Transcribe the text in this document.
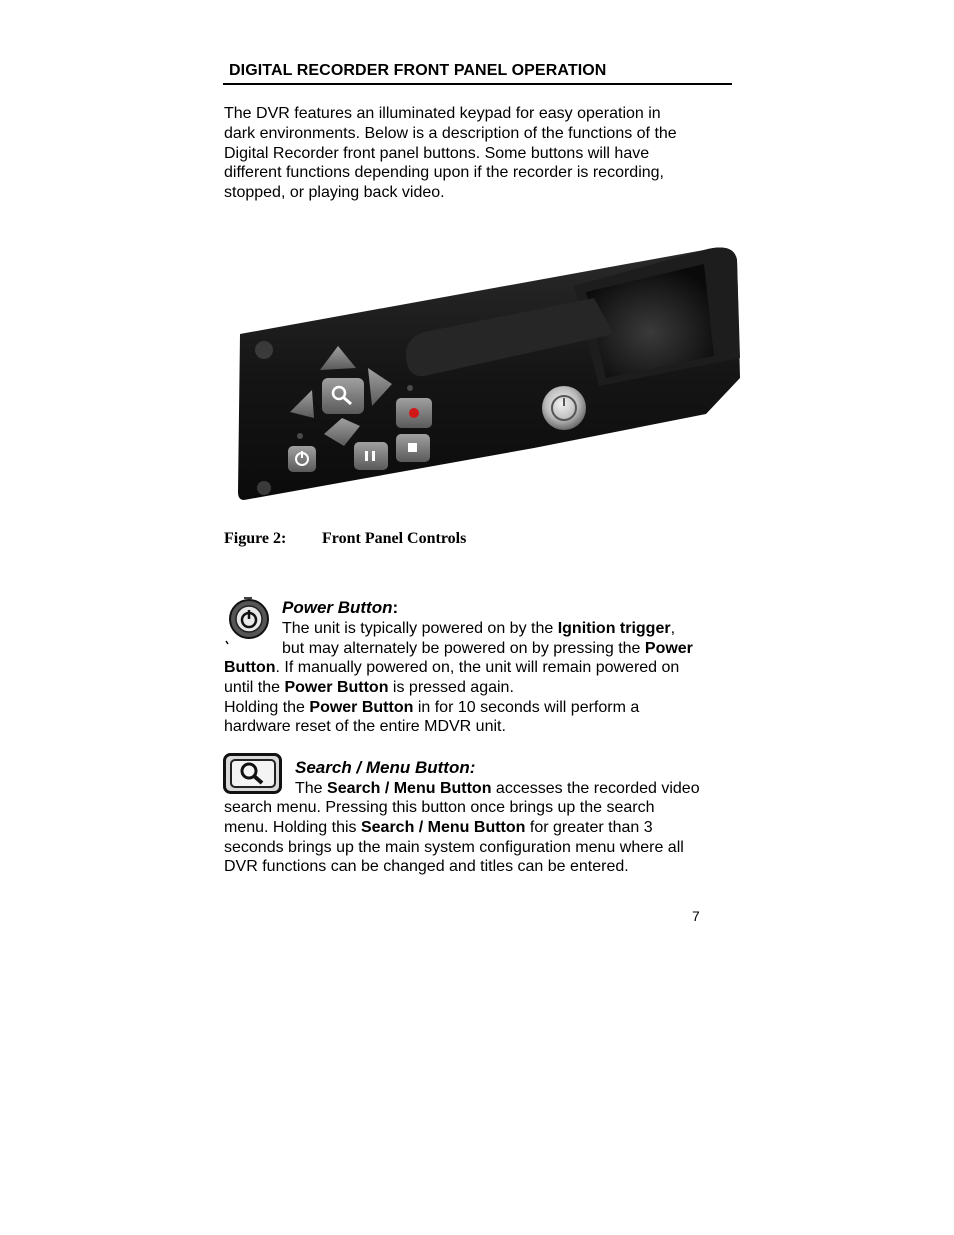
DIGITAL RECORDER FRONT PANEL OPERATION
The DVR features an illuminated keypad for easy operation in
dark environments. Below is a description of the functions of the
Digital Recorder front panel buttons. Some buttons will have
different functions depending upon if the recorder is recording,
stopped, or playing back video.
Figure 2: Front Panel Controls
Power Button:
The unit is typically powered on by the Ignition trigger,
but may alternately be powered on by pressing the Power
Button. If manually powered on, the unit will remain powered on
until the Power Button is pressed again.
Holding the Power Button in for 10 seconds will perform a
hardware reset of the entire MDVR unit.
Search / Menu Button:
The Search / Menu Button accesses the recorded video
search menu. Pressing this button once brings up the search
menu. Holding this Search / Menu Button for greater than 3
seconds brings up the main system configuration menu where all
DVR functions can be changed and titles can be entered.
7
